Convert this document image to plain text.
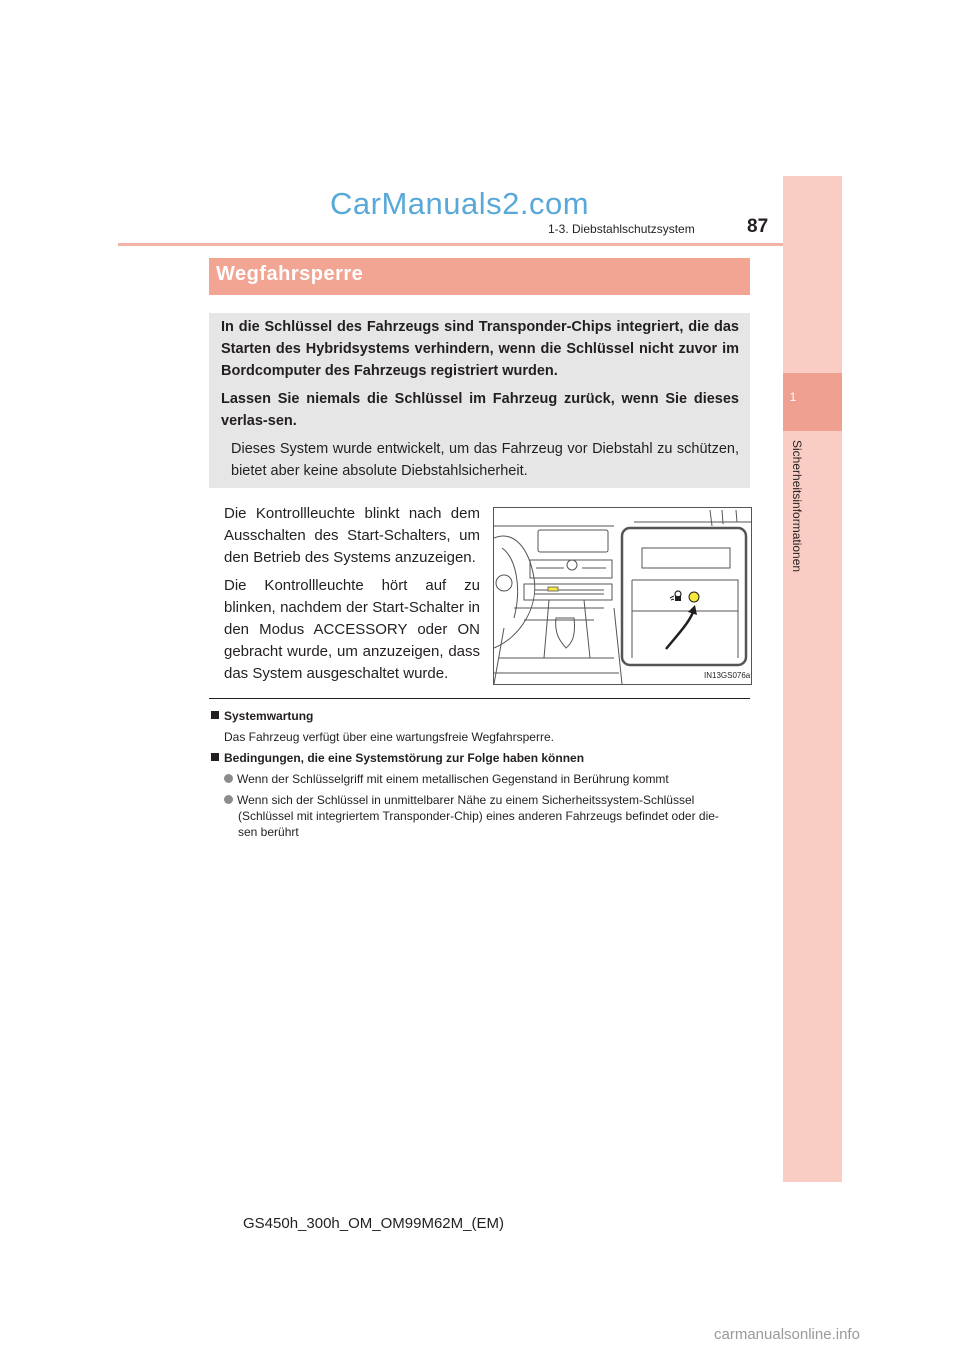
CarManuals2.com
1-3. Diebstahlschutzsystem	87
1
Sicherheitsinformationen
Wegfahrsperre

In die Schlüssel des Fahrzeugs sind Transponder-Chips integriert, die das Starten des Hybridsystems verhindern, wenn die Schlüssel nicht zuvor im Bordcomputer des Fahrzeugs registriert wurden.

Lassen Sie niemals die Schlüssel im Fahrzeug zurück, wenn Sie dieses verlas-sen.

Dieses System wurde entwickelt, um das Fahrzeug vor Diebstahl zu schützen, bietet aber keine absolute Diebstahlsicherheit.

Die Kontrollleuchte blinkt nach dem Ausschalten des Start-Schalters, um den Betrieb des Systems anzuzeigen.

Die Kontrollleuchte hört auf zu blinken, nachdem der Start-Schalter in den Modus ACCESSORY oder ON gebracht wurde, um anzuzeigen, dass das System ausgeschaltet wurde.	IN13GS076a

Systemwartung

Das Fahrzeug verfügt über eine wartungsfreie Wegfahrsperre.

Bedingungen, die eine Systemstörung zur Folge haben können

Wenn der Schlüsselgriff mit einem metallischen Gegenstand in Berührung kommt

Wenn sich der Schlüssel in unmittelbarer Nähe zu einem Sicherheitssystem-Schlüssel
(Schlüssel mit integriertem Transponder-Chip) eines anderen Fahrzeugs befindet oder die-
sen berührt

GS450h_300h_OM_OM99M62M_(EM)
carmanualsonline.info
